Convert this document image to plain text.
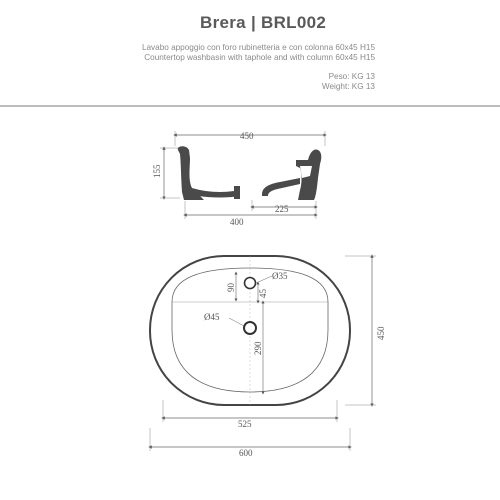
Brera | BRL002
Lavabo appoggio con foro rubinetteria e con colonna 60x45 H15
Countertop washbasin with taphole and with column 60x45 H15
Peso: KG 13
Weight: KG 13
450
155
400
225
Ø35
Ø45
90
45
290
450
525
600
